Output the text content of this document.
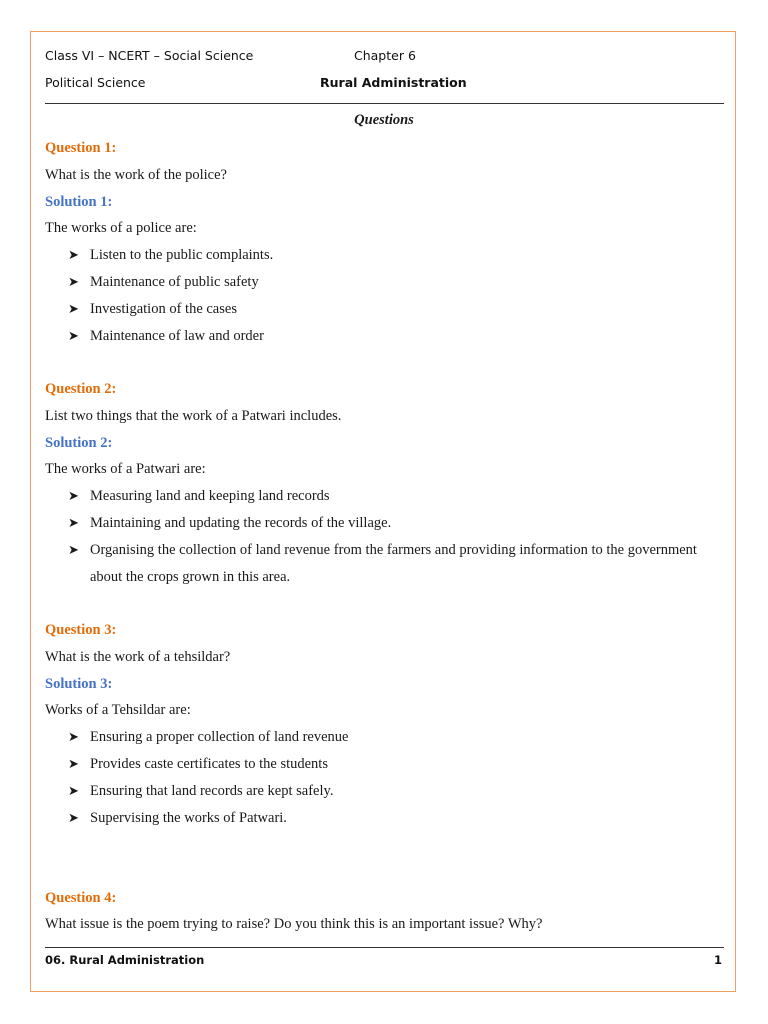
Class VI – NCERT – Social Science	Chapter 6
Political Science	Rural Administration
Questions
Question 1:
What is the work of the police?
Solution 1:
The works of a police are:
➤ Listen to the public complaints.
➤ Maintenance of public safety
➤ Investigation of the cases
➤ Maintenance of law and order
Question 2:
List two things that the work of a Patwari includes.
Solution 2:
The works of a Patwari are:
➤ Measuring land and keeping land records
➤ Maintaining and updating the records of the village.
➤ Organising the collection of land revenue from the farmers and providing information to the government
about the crops grown in this area.
Question 3:
What is the work of a tehsildar?
Solution 3:
Works of a Tehsildar are:
➤ Ensuring a proper collection of land revenue
➤ Provides caste certificates to the students
➤ Ensuring that land records are kept safely.
➤ Supervising the works of Patwari.
Question 4:
What issue is the poem trying to raise? Do you think this is an important issue? Why?
06. Rural Administration	1
